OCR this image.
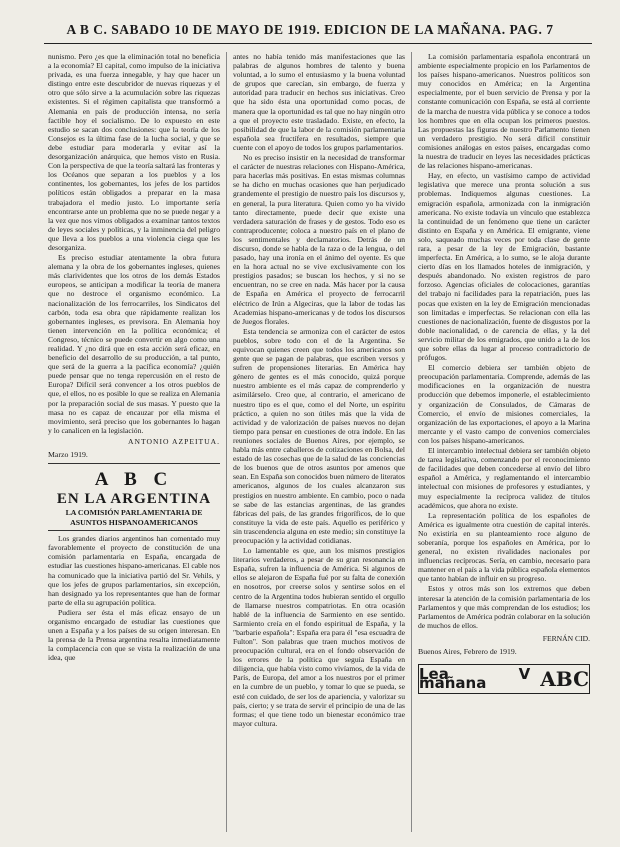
A B C. SABADO 10 DE MAYO DE 1919. EDICION DE LA MAÑANA. PAG. 7

nunismo. Pero ¿es que la eliminación total no beneficia a la economía? El capital, como impulso de la iniciativa privada, es una fuerza innegable, y hay que hacer un distingo entre este descubridor de nuevas riquezas y el otro que sólo sirve a la acumulación sobre las riquezas existentes. Si el régimen capitalista que transformó a Alemania en país de producción intensa, no sería factible hoy el socialismo. De lo expuesto en este estudio se sacan dos conclusiones: que la teoría de los Consejos es la última fase de la lucha social, y que se debe estudiar para moderarla y evitar así la desorganización anárquica, que hemos visto en Rusia. Con la perspectiva de que la teoría saltará las fronteras y los Océanos que separan a los pueblos y a los continentes, los gobernantes, los jefes de los partidos políticos están obligados a preparar en la masa trabajadora el medio justo. Lo importante sería encontrarse ante un problema que no se puede negar y a la vez que nos vimos obligados a examinar tantos textos de leyes sociales y políticas, y la inminencia del peligro que lleva a los pueblos a una violencia ciega que les desorganiza.

Es preciso estudiar atentamente la obra futura alemana y la obra de los gobernantes ingleses, quienes más clarividentes que los otros de los demás Estados europeos, se anticipan a modificar la teoría de manera que no destroce el organismo económico. La nacionalización de los ferrocarriles, los Sindicatos del carbón, toda esa obra que rápidamente realizan los gobernantes ingleses, es previsora. En Alemania hoy tienen intervención en la política económica; el Congreso, técnico se puede convertir en algo como una realidad. Y ¿no dirá que en esta acción será eficaz, en beneficio del desarrollo de su producción, a tal punto, que será de la guerra a la pacífica economía? ¿quién puede pensar que no tenga repercusión en el resto de Europa? Difícil será convencer a los otros pueblos de que, el ellos, no es posible lo que se realiza en Alemania por la preparación social de sus masas. Y puesto que la masa no es capaz de encauzar por ella misma el movimiento, será preciso que los gobernantes lo hagan y lo canalicen en la legislación.

ANTONIO AZPEITUA.
Marzo 1919.
A B C
EN LA ARGENTINA
LA COMISIÓN PARLAMENTARIA DE
ASUNTOS HISPANOAMERICANOS

Los grandes diarios argentinos han comentado muy favorablemente el proyecto de constitución de una comisión parlamentaria en España, encargada de estudiar las cuestiones hispano-americanas. El cable nos ha comunicado que la iniciativa partió del Sr. Vehils, y que los jefes de grupos parlamentarios, sin excepción, han designado ya los representantes que han de formar parte de ella su agrupación política.

Pudiera ser ésta el más eficaz ensayo de un organismo encargado de estudiar las cuestiones que unen a España y a los países de su origen interesan. En la prensa de la Prensa argentina resalta inmediatamente la complacencia con que se vista la realización de una idea, que

antes no había tenido más manifestaciones que las palabras de algunos hombres de talento y buena voluntad, a lo sumo el entusiasmo y la buena voluntad de grupos que carecían, sin embargo, de fuerza y autoridad para traducir en hechos sus iniciativas. Creo que ha sido ésta una oportunidad como pocas, de manera que la oportunidad es tal que no hay ningún otro a que el proyecto este trasladado. Existe, en efecto, la posibilidad de que la labor de la comisión parlamentaria española sea fructífera en resultados, siempre que cuente con el apoyo de todos los grupos parlamentarios.

No es preciso insistir en la necesidad de transformar el carácter de nuestras relaciones con Hispano-América, para hacerlas más positivas. En estas mismas columnas se ha dicho en muchas ocasiones que han perjudicado grandemente el prestigio de nuestro país los discursos y, en general, la pura literatura. Quien como yo ha vivido tanto directamente, puede decir que existe una verdadera saturación de frases y de gestos. Todo eso es contraproducente; coloca a nuestro país en el plano de los sentimentales y declamatorios. Detrás de un discurso, donde se habla de la raza o de la lengua, o del pasado, hay una ironía en el ánimo del oyente. Es que en la hora actual no se vive exclusivamente con los prestigios pasados; se buscan los hechos, y si no se encuentran, no se cree en nada. Más hacer por la causa de España en América el proyecto de ferrocarril eléctrico de Irún a Algeciras, que la labor de todas las Academias hispano-americanas y de todos los discursos de Juegos florales.

Esta tendencia se armoniza con el carácter de estos pueblos, sobre todo con el de la Argentina. Se equivocan quienes creen que todos los americanos son gente que se pagan de palabras, que escriben versos y sufren de propensiones literarias. En América hay género de gentes es el más conocido, quizá porque nuestro ambiente es el más capaz de comprenderlo y asimilárselo. Creo que, al contrario, el americano de nuestro tipo es el que, como el del Norte, un espíritu práctico, a quien no son útiles más que la vida de actividad y de valorización de países nuevos no dejan tiempo para pensar en cuestiones de otra índole. En las reuniones sociales de Buenos Aires, por ejemplo, se habla más entre caballeros de cotizaciones en Bolsa, del estado de las cosechas que de la salud de las conciencias de los buenos que de otros asuntos por amenos que sean. En España son conocidos buen número de literatos americanos, algunos de los cuales alcanzaron sus prestigios en nuestro ambiente. En cambio, poco o nada se sabe de las estancias argentinas, de las grandes fábricas del país, de las grandes frigoríficos, de lo que constituye la vida de este país. Aquello es periférico y sin trascendencia alguna en este medio; sin constituye la preocupación y la actividad cotidianas.

Lo lamentable es que, aun los mismos prestigios literarios verdaderos, a pesar de su gran resonancia en España, sufren la influencia de América. Si algunos de ellos se alejaron de España fué por su falta de conexión en nosotros, por creerse solos y sentirse solos en el centro de la Argentina todos hubieran sentido el orgullo de llamarse nuestros compatriotas. En otra ocasión hablé de la influencia de Sarmiento en ese sentido. Sarmiento creía en el fondo espiritual de España, y la "barbarie española": España era para él "esa escuadra de Fulton". Son palabras que traen muchos motivos de preocupación cultural, era en el fondo observación de los errores de la política que seguía España en diligencia, que había visto como vivíamos, de la vida de París, de Europa, del amor a los nuestros por el primer en la cumbre de un pueblo, y tomar lo que se pueda, se esté con cuidado, de ser los de apariencia, y valorizar su país, cierto; y se trata de servir el principio de una de las formas; el que tiene todo un bienestar económico trae mayor cultura.

La comisión parlamentaria española encontrará un ambiente especialmente propicio en los Parlamentos de los países hispano-americanos. Nuestros políticos son muy conocidos en América; en la Argentina especialmente, por el buen servicio de Prensa y por la constante comunicación con España, se está al corriente de la marcha de nuestra vida pública y se conoce a todos los hombres que en ella ocupan los primeros puestos. Las propuestas las figuras de nuestro Parlamento tienen un verdadero prestigio. No será difícil constituir comisiones análogas en estos países, encargadas como la nuestra de traducir en leyes las necesidades prácticas de las relaciones hispano-americanas.

Hay, en efecto, un vastísimo campo de actividad legislativa que merece una pronta solución a sus problemas. Indiquemos algunas cuestiones. La emigración española, armonizada con la inmigración americana. No existe todavía un vínculo que establezca la continuidad de un fenómeno que tiene un carácter distinto en España y en América. El emigrante, viene solo, saqueado muchas veces por toda clase de gente rara, a pesar de la ley de Emigración, bastante imperfecta. En América, a lo sumo, se le aloja durante cierto días en los llamados hoteles de inmigración, y después abandonado. No existen registros de paro forzoso. Agencias oficiales de colocaciones, garantías del trabajo ni facilidades para la repatriación, pues las pocas que existen en la ley de Emigración mencionadas son limitadas e imperfectas. Se relacionan con ella las cuestiones de nacionalización, fuente de disgustos por la doble nacionalidad, o de carencia de ellas, y la del servicio militar de los emigrados, que unido a la de los que sobre ellas da lugar al proceso contradictorio de prófugos.

El comercio debiera ser también objeto de preocupación parlamentaria. Comprende, además de las modificaciones en la organización de nuestra producción que debemos imponerle, el establecimiento y organización de Consulados, de Cámaras de Comercio, el envío de misiones comerciales, la organización de las exportaciones, el apoyo a la Marina mercante y el vasto campo de convenios comerciales con los países hispano-americanos.

El intercambio intelectual debiera ser también objeto de tarea legislativa, comenzando por el reconocimiento de facilidades que deben concederse al envío del libro español a América, y reglamentando el intercambio intelectual con misiones de profesores y estudiantes, y muy especialmente la recíproca validez de títulos académicos, que ahora no existe.

La representación política de los españoles de América es igualmente otra cuestión de capital interés. No existiría en su planteamiento roce alguno de soberanía, porque los españoles en América, por lo general, no existen rivalidades nacionales por influencias recíprocas. Sería, en cambio, necesario para mantener en el país a la vida pública española elementos que tanto habían de influir en su progreso.

Estos y otros más son los extremos que deben interesar la atención de la comisión parlamentaria de los Parlamentos y que más comprendan de los estudios; los Parlamentos de América podrán colaborar en la solución de muchos de ellos.

FERNÁN CID.
Buenos Aires, Febrero de 1919.
Lea V mañana	ABC
